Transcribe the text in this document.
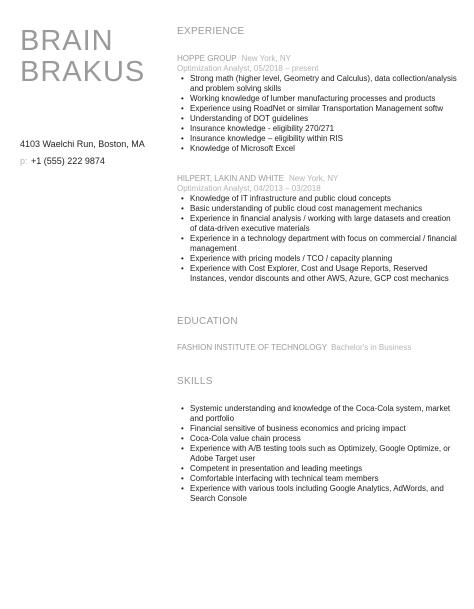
BRAIN
BRAKUS
4103 Waelchi Run, Boston, MA
p: +1 (555) 222 9874
EXPERIENCE
HOPPE GROUP New York, NY
Optimization Analyst, 05/2018 – present
• Strong math (higher level, Geometry and Calculus), data collection/analysis and problem solving skills
• Working knowledge of lumber manufacturing processes and products
• Experience using RoadNet or similar Transportation Management softw
• Understanding of DOT guidelines
• Insurance knowledge - eligibility 270/271
• Insurance knowledge – eligibility within RIS
• Knowledge of Microsoft Excel
HILPERT, LAKIN AND WHITE New York, NY
Optimization Analyst, 04/2013 – 03/2018
• Knowledge of IT infrastructure and public cloud concepts
• Basic understanding of public cloud cost management mechanics
• Experience in financial analysis / working with large datasets and creation of data-driven executive materials
• Experience in a technology department with focus on commercial / financial management
• Experience with pricing models / TCO / capacity planning
• Experience with Cost Explorer, Cost and Usage Reports, Reserved Instances, vendor discounts and other AWS, Azure, GCP cost mechanics
EDUCATION
FASHION INSTITUTE OF TECHNOLOGY Bachelor's in Business
SKILLS
• Systemic understanding and knowledge of the Coca-Cola system, market and portfolio
• Financial sensitive of business economics and pricing impact
• Coca-Cola value chain process
• Experience with A/B testing tools such as Optimizely, Google Optimize, or Adobe Target user
• Competent in presentation and leading meetings
• Comfortable interfacing with technical team members
• Experience with various tools including Google Analytics, AdWords, and Search Console
